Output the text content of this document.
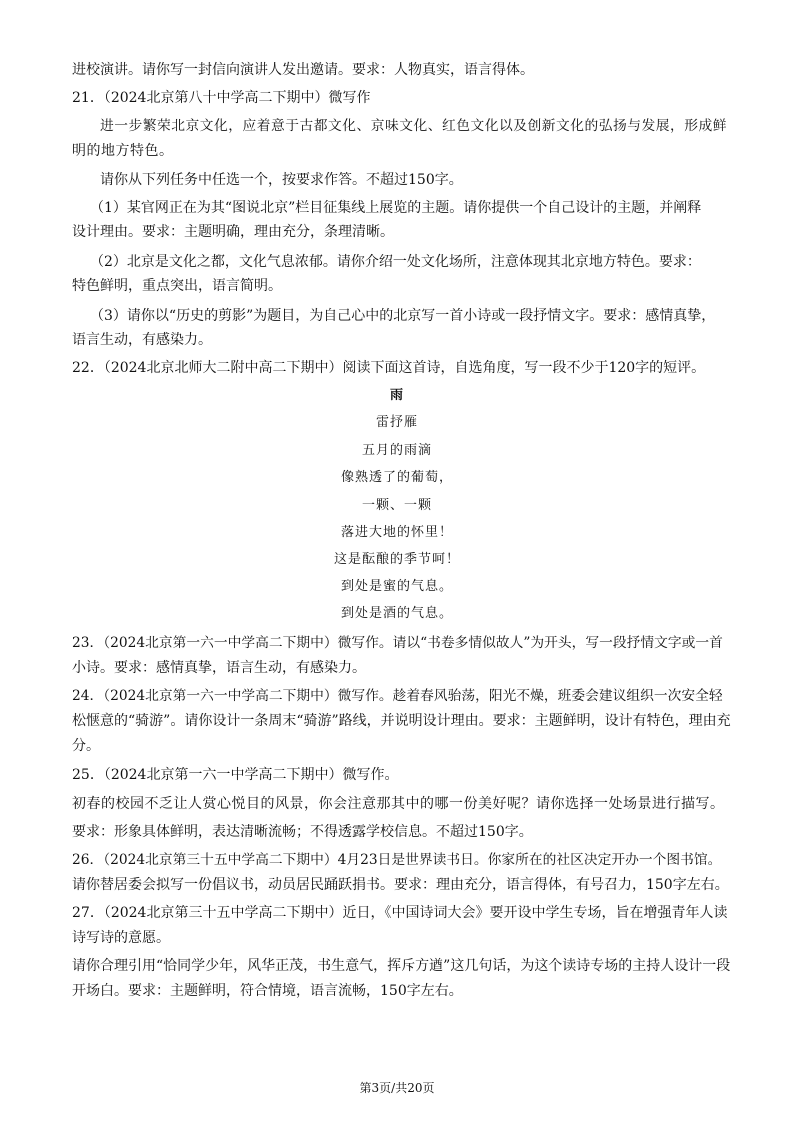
进校演讲。请你写一封信向演讲人发出邀请。要求：人物真实，语言得体。
21．（2024北京第八十中学高二下期中）微写作
进一步繁荣北京文化，应着意于古都文化、京味文化、红色文化以及创新文化的弘扬与发展，形成鲜
明的地方特色。
请你从下列任务中任选一个，按要求作答。不超过150字。
（1）某官网正在为其“图说北京”栏目征集线上展览的主题。请你提供一个自己设计的主题，并阐释
设计理由。要求：主题明确，理由充分，条理清晰。
（2）北京是文化之都，文化气息浓郁。请你介绍一处文化场所，注意体现其北京地方特色。要求：
特色鲜明，重点突出，语言简明。
（3）请你以“历史的剪影”为题目，为自己心中的北京写一首小诗或一段抒情文字。要求：感情真挚，
语言生动，有感染力。
22．（2024北京北师大二附中高二下期中）阅读下面这首诗，自选角度，写一段不少于120字的短评。
雨
雷抒雁
五月的雨滴
像熟透了的葡萄，
一颗、一颗
落进大地的怀里！
这是酝酿的季节呵！
到处是蜜的气息。
到处是酒的气息。
23．（2024北京第一六一中学高二下期中）微写作。请以“书卷多情似故人”为开头，写一段抒情文字或一首
小诗。要求：感情真挚，语言生动，有感染力。
24．（2024北京第一六一中学高二下期中）微写作。趁着春风骀荡，阳光不燥，班委会建议组织一次安全轻
松惬意的“骑游”。请你设计一条周末“骑游”路线，并说明设计理由。要求：主题鲜明，设计有特色，理由充
分。
25．（2024北京第一六一中学高二下期中）微写作。
初春的校园不乏让人赏心悦目的风景，你会注意那其中的哪一份美好呢？请你选择一处场景进行描写。
要求：形象具体鲜明，表达清晰流畅；不得透露学校信息。不超过150字。
26．（2024北京第三十五中学高二下期中）4月23日是世界读书日。你家所在的社区决定开办一个图书馆。
请你替居委会拟写一份倡议书，动员居民踊跃捐书。要求：理由充分，语言得体，有号召力，150字左右。
27．（2024北京第三十五中学高二下期中）近日，《中国诗词大会》要开设中学生专场，旨在增强青年人读
诗写诗的意愿。
请你合理引用“恰同学少年，风华正茂，书生意气，挥斥方遒”这几句话，为这个读诗专场的主持人设计一段
开场白。要求：主题鲜明，符合情境，语言流畅，150字左右。
第3页/共20页
